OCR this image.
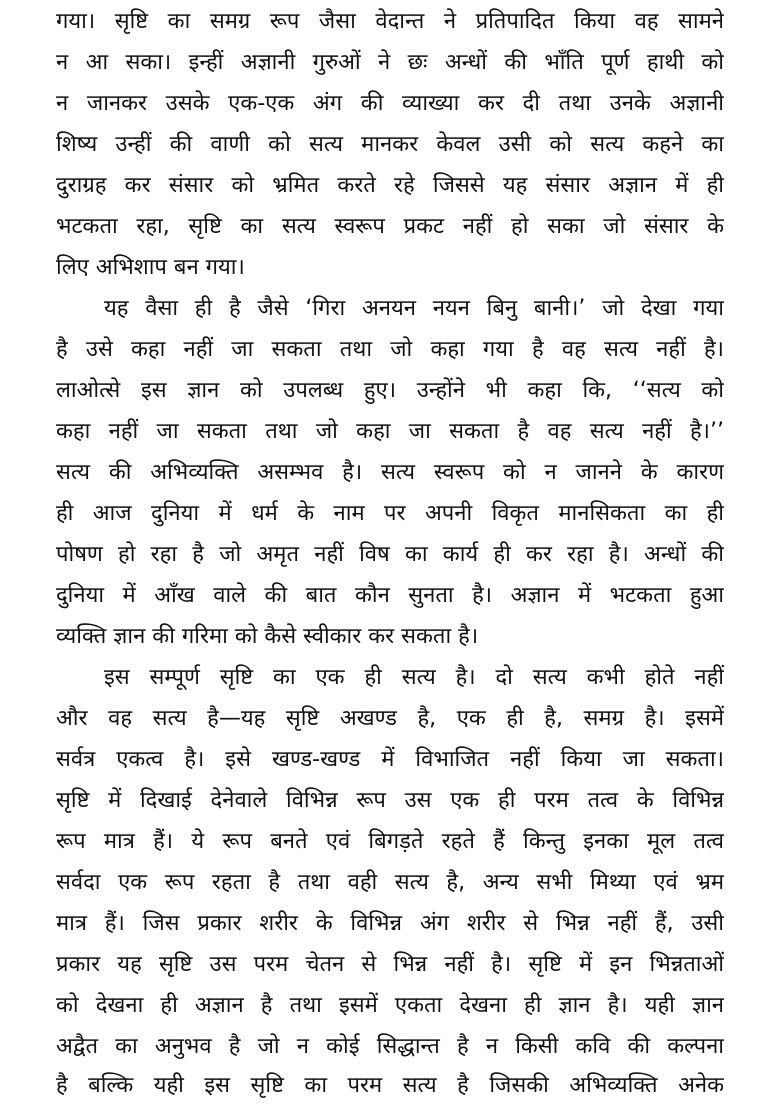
गया। सृष्टि का समग्र रूप जैसा वेदान्त ने प्रतिपादित किया वह सामने
न आ सका। इन्हीं अज्ञानी गुरुओं ने छः अन्धों की भाँति पूर्ण हाथी को
न जानकर उसके एक-एक अंग की व्याख्या कर दी तथा उनके अज्ञानी
शिष्य उन्हीं की वाणी को सत्य मानकर केवल उसी को सत्य कहने का
दुराग्रह कर संसार को भ्रमित करते रहे जिससे यह संसार अज्ञान में ही
भटकता रहा, सृष्टि का सत्य स्वरूप प्रकट नहीं हो सका जो संसार के
लिए अभिशाप बन गया।
यह वैसा ही है जैसे ‘गिरा अनयन नयन बिनु बानी।’ जो देखा गया
है उसे कहा नहीं जा सकता तथा जो कहा गया है वह सत्य नहीं है।
लाओत्से इस ज्ञान को उपलब्ध हुए। उन्होंने भी कहा कि, ‘‘सत्य को
कहा नहीं जा सकता तथा जो कहा जा सकता है वह सत्य नहीं है।’’
सत्य की अभिव्यक्ति असम्भव है। सत्य स्वरूप को न जानने के कारण
ही आज दुनिया में धर्म के नाम पर अपनी विकृत मानसिकता का ही
पोषण हो रहा है जो अमृत नहीं विष का कार्य ही कर रहा है। अन्धों की
दुनिया में आँख वाले की बात कौन सुनता है। अज्ञान में भटकता हुआ
व्यक्ति ज्ञान की गरिमा को कैसे स्वीकार कर सकता है।
इस सम्पूर्ण सृष्टि का एक ही सत्य है। दो सत्य कभी होते नहीं
और वह सत्य है—यह सृष्टि अखण्ड है, एक ही है, समग्र है। इसमें
सर्वत्र एकत्व है। इसे खण्ड-खण्ड में विभाजित नहीं किया जा सकता।
सृष्टि में दिखाई देनेवाले विभिन्न रूप उस एक ही परम तत्व के विभिन्न
रूप मात्र हैं। ये रूप बनते एवं बिगड़ते रहते हैं किन्तु इनका मूल तत्व
सर्वदा एक रूप रहता है तथा वही सत्य है, अन्य सभी मिथ्या एवं भ्रम
मात्र हैं। जिस प्रकार शरीर के विभिन्न अंग शरीर से भिन्न नहीं हैं, उसी
प्रकार यह सृष्टि उस परम चेतन से भिन्न नहीं है। सृष्टि में इन भिन्नताओं
को देखना ही अज्ञान है तथा इसमें एकता देखना ही ज्ञान है। यही ज्ञान
अद्वैत का अनुभव है जो न कोई सिद्धान्त है न किसी कवि की कल्पना
है बल्कि यही इस सृष्टि का परम सत्य है जिसकी अभिव्यक्ति अनेक
